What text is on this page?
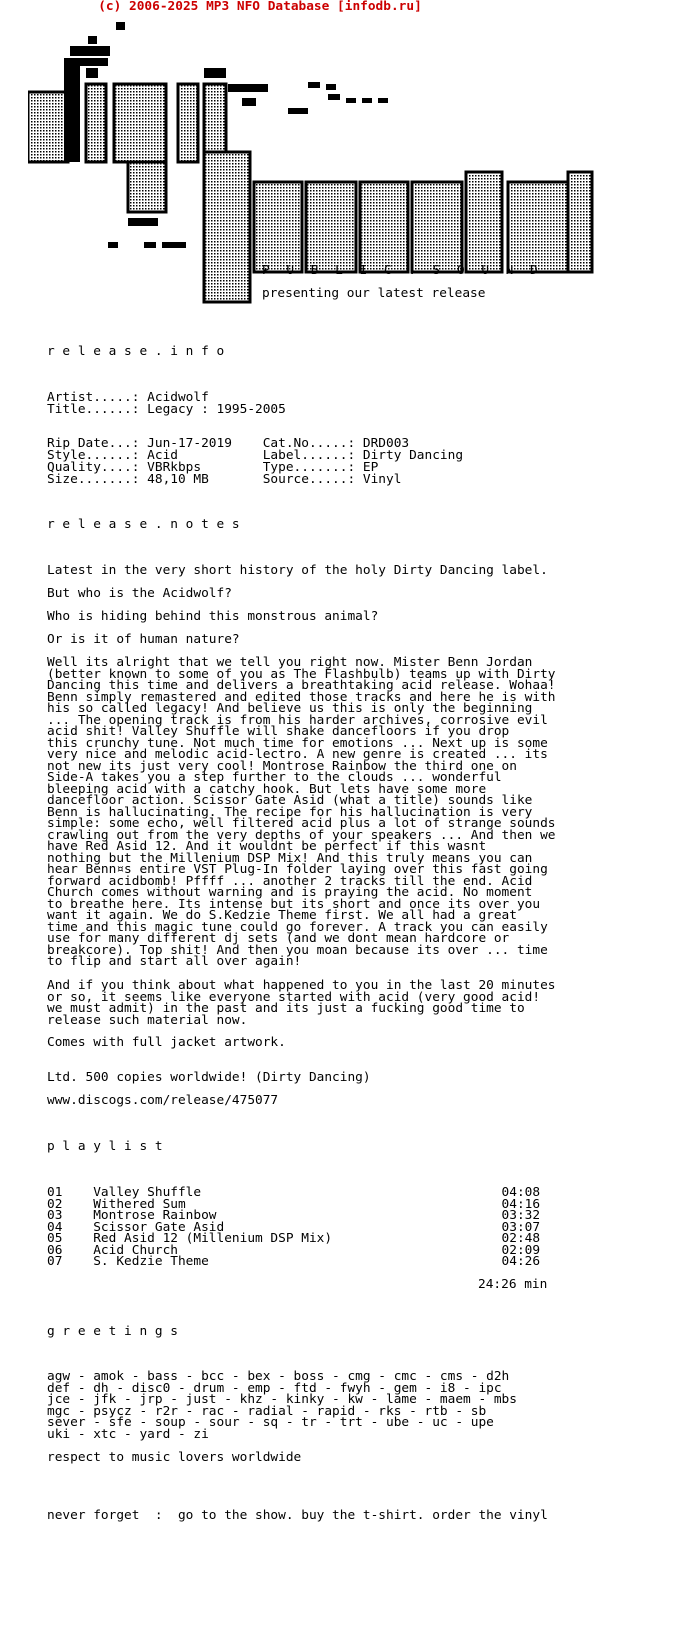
(c) 2006-2025 MP3 NFO Database [infodb.ru]
P U B L I C . S O U N D
presenting our latest release
r e l e a s e . i n f o
Artist.....: Acidwolf
Title......: Legacy : 1995-2005
Rip Date...: Jun-17-2019    Cat.No.....: DRD003
Style......: Acid           Label......: Dirty Dancing
Quality....: VBRkbps        Type.......: EP
Size.......: 48,10 MB       Source.....: Vinyl
r e l e a s e . n o t e s
Latest in the very short history of the holy Dirty Dancing label.
But who is the Acidwolf?
Who is hiding behind this monstrous animal?
Or is it of human nature?
Well its alright that we tell you right now. Mister Benn Jordan
(better known to some of you as The Flashbulb) teams up with Dirty
Dancing this time and delivers a breathtaking acid release. Wohaa!
Benn simply remastered and edited those tracks and here he is with
his so called legacy! And believe us this is only the beginning
... The opening track is from his harder archives, corrosive evil
acid shit! Valley Shuffle will shake dancefloors if you drop
this crunchy tune. Not much time for emotions ... Next up is some
very nice and melodic acid-lectro. A new genre is created ... its
not new its just very cool! Montrose Rainbow the third one on
Side-A takes you a step further to the clouds ... wonderful
bleeping acid with a catchy hook. But lets have some more
dancefloor action. Scissor Gate Asid (what a title) sounds like
Benn is hallucinating. The recipe for his hallucination is very
simple: some echo, well filtered acid plus a lot of strange sounds
crawling out from the very depths of your speakers ... And then we
have Red Asid 12. And it wouldnt be perfect if this wasnt
nothing but the Millenium DSP Mix! And this truly means you can
hear Benn¤s entire VST Plug-In folder laying over this fast going
forward acidbomb! Pffff ... another 2 tracks till the end. Acid
Church comes without warning and is praying the acid. No moment
to breathe here. Its intense but its short and once its over you
want it again. We do S.Kedzie Theme first. We all had a great
time and this magic tune could go forever. A track you can easily
use for many different dj sets (and we dont mean hardcore or
breakcore). Top shit! And then you moan because its over ... time
to flip and start all over again!
And if you think about what happened to you in the last 20 minutes
or so, it seems like everyone started with acid (very good acid!
we must admit) in the past and its just a fucking good time to
release such material now.
Comes with full jacket artwork.
Ltd. 500 copies worldwide! (Dirty Dancing)
www.discogs.com/release/475077
p l a y l i s t
01    Valley Shuffle                                       04:08
02    Withered Sum                                         04:16
03    Montrose Rainbow                                     03:32
04    Scissor Gate Asid                                    03:07
05    Red Asid 12 (Millenium DSP Mix)                      02:48
06    Acid Church                                          02:09
07    S. Kedzie Theme                                      04:26
24:26 min
g r e e t i n g s
agw - amok - bass - bcc - bex - boss - cmg - cmc - cms - d2h
def - dh - disc0 - drum - emp - ftd - fwyh - gem - i8 - ipc
jce - jfk - jrp - just - khz - kinky - kw - lame - maem - mbs
mgc - psycz - r2r - rac - radial - rapid - rks - rtb - sb
sever - sfe - soup - sour - sq - tr - trt - ube - uc - upe
uki - xtc - yard - zi
respect to music lovers worldwide
never forget  :  go to the show. buy the t-shirt. order the vinyl
